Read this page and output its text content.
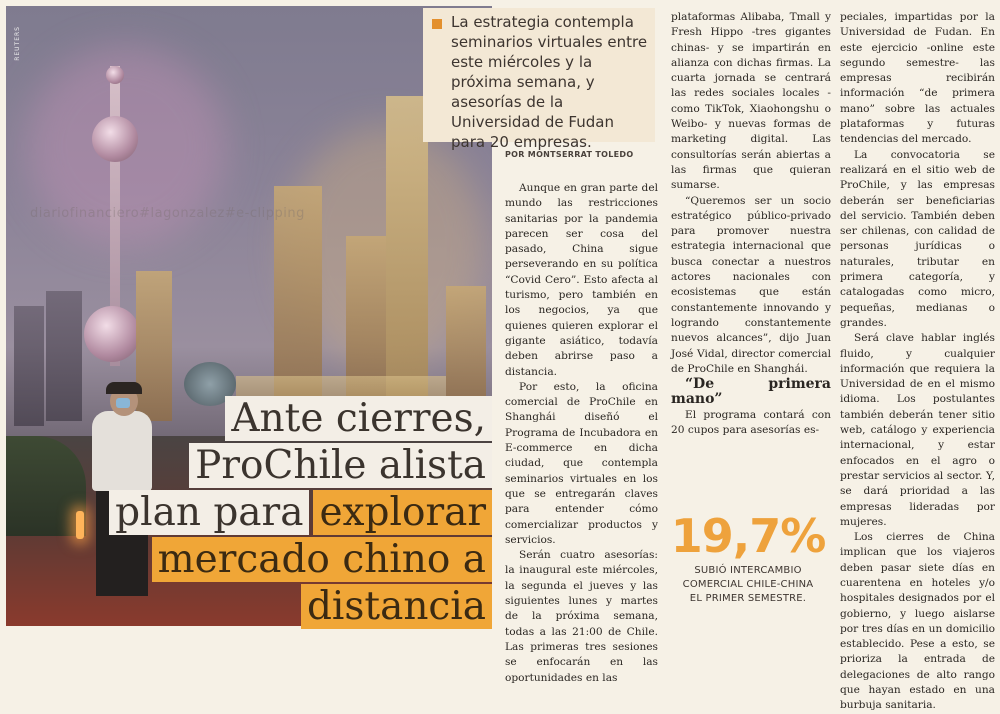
REUTERS
diariofinanciero#lagonzalez#e-clipping
Ante cierres,
ProChile alista
plan para explorar
mercado chino a
distancia
La estrategia contempla seminarios virtuales entre este miércoles y la próxima semana, y asesorías de la Universidad de Fudan para 20 empresas.
POR MONTSERRAT TOLEDO

Aunque en gran parte del mundo las restricciones sanitarias por la pandemia parecen ser cosa del pasado, China sigue perseverando en su política “Covid Cero”. Esto afecta al turismo, pero también en los negocios, ya que quienes quieren explorar el gigante asiático, todavía deben abrirse paso a distancia.

Por esto, la oficina comercial de ProChile en Shanghái diseñó el Programa de Incubadora en E-commerce en dicha ciudad, que contempla seminarios virtuales en los que se entregarán claves para entender cómo comercializar productos y servicios.

Serán cuatro asesorías: la inaugural este miércoles, la segunda el jueves y las siguientes lunes y martes de la próxima semana, todas a las 21:00 de Chile. Las primeras tres sesiones se enfocarán en las oportunidades en las

plataformas Alibaba, Tmall y Fresh Hippo -tres gigantes chinas- y se impartirán en alianza con dichas firmas. La cuarta jornada se centrará las redes sociales locales -como TikTok, Xiaohongshu o Weibo- y nuevas formas de marketing digital. Las consultorías serán abiertas a las firmas que quieran sumarse.

“Queremos ser un socio estratégico público-privado para promover nuestra estrategia internacional que busca conectar a nuestros actores nacionales con ecosistemas que están constantemente innovando y logrando constantemente nuevos alcances”, dijo Juan José Vidal, director comercial de ProChile en Shanghái.

“De primera mano”

El programa contará con 20 cupos para asesorías es-

19,7%
SUBIÓ INTERCAMBIO
COMERCIAL CHILE-CHINA
EL PRIMER SEMESTRE.

peciales, impartidas por la Universidad de Fudan. En este ejercicio -online este segundo semestre- las empresas recibirán información “de primera mano” sobre las actuales plataformas y futuras tendencias del mercado.

La convocatoria se realizará en el sitio web de ProChile, y las empresas deberán ser beneficiarias del servicio. También deben ser chilenas, con calidad de personas jurídicas o naturales, tributar en primera categoría, y catalogadas como micro, pequeñas, medianas o grandes.

Será clave hablar inglés fluido, y cualquier información que requiera la Universidad de en el mismo idioma. Los postulantes también deberán tener sitio web, catálogo y experiencia internacional, y estar enfocados en el agro o prestar servicios al sector. Y, se dará prioridad a las empresas lideradas por mujeres.

Los cierres de China implican que los viajeros deben pasar siete días en cuarentena en hoteles y/o hospitales designados por el gobierno, y luego aislarse por tres días en un domicilio establecido. Pese a esto, se prioriza la entrada de delegaciones de alto rango que hayan estado en una burbuja sanitaria.
